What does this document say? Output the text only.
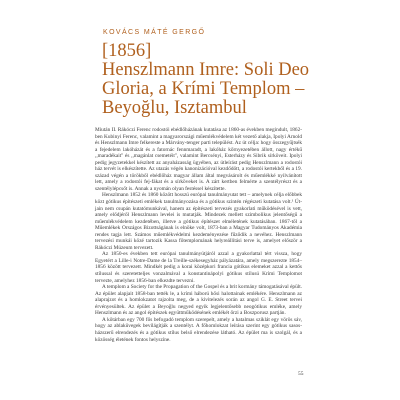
KOVÁCS MÁTÉ GERGŐ
[1856]
Henszlmann Imre: Soli Deo
Gloria, a Krími Templom –
Beyoğlu, Isztambul

Miután II. Rákóczi Ferenc rodostói ebédlőházának kutatása az 1860-as években megindult, 1862-ben Kubinyi Ferenc, valamint a magyarországi műemlékvédelem két vezető alakja, Ipolyi Arnold és Henszlmann Imre felkereste a Márvány-tenger parti települést. Az út célja: hogy összegyűjtsék a fejedelem lakóházát és a fatornác fennmaradt, a lakóház kőrnyezetében állott, nagy értékű ,,maradékait" és ,,magánlat csemetéit", valamint Bercsényi, Esterházy és Sibrik sírköveit. Ipolyi pedig jegyzetekkel készített az anyaházasság ügyében, az útleírást pedig Henszlmann a rodostói ház tervét is elkészítette. Az utazás végén kanonizációval kezdődött, a rodostói kertekből és a 19. század végén a törökből ebédlőház magyar állam által megvásárolt és műemlékké nyilvánított lett, amely a rodostói fej-fákat és a sírköveket is. A zárt kertben felmérte a szentélyrészt és a szentélylépcsőt is. Annak a nyomán olyan festéssel készítette.

Henszlmann 1852 és 1860 között hosszú európai tanulmányutat tett – amelynek célja előbbek közt gótikus építészeti emlékek tanulmányozása és a gótikus szintén régészeti kutatása volt.¹ Út-jain nem csupán kutatómunkával, hanem az építészeti tervezés gyakorlati működésével is vett, amely elődjéről Henszlmann levelei is mutatják. Mindezek mellett szimbolikus jelentőségű a műemlékvédelem kezdetében, illetve a gótikus építészet elméletének kutatásában. 1867-től a Műemlékek Országos Bizottságának is elnöke volt, 1873-ban a Magyar Tudományos Akadémia rendes tagja lett. Számos műemlékvédelmi kezdeményezése fűződik a nevéhez. Henszlmann tervezési munkái közé tartozik Kassa főtemplomának helyreállítási terve is, amelyet először a Rákóczi Múzeum tervezett.

Az 1850-es években tett európai tanulmányútjáról azzal a gyakorlattal tért vissza, hogy Egyetért a Lille-i Notre-Dame de la Treille-székesegyház pályázatára, amely megszerezte 1854–1856 között tervezett. Mindkét pedig a korai középkori francia gótikus elemeket azzal a kettős stílussal és szeretetteljes vonzalmával a konstantinápolyi gótikus stílusú Krími Templomot tervezte, amelyhez 1856-ban elkezdte tervezni.

A templom a Society for the Propagation of the Gospel és a brit kormány támogatásával épült. Az épület alapjait 1858-ban tették le, a krími háború hősi halottainak emlékére. Henszlmann az alaprajzot és a homlokzatot rajzolta meg, de a kivitelezés során az angol G. E. Street tervei érvényesültek. Az épület a Beyoğlu negyed egyik legjelentősebb neogótikus emléke, amely Henszlmann és az angol építészek együttműködésének emlékét őrzi a Boszporusz partján.

A kőtárban egy 700 fős befogadó templom szerepelt, amely a hatalmas sziklát egy vörös sáv, hogy az ablaküvegek bevilágítják a szentélyt. A főhomlokzat leírása szerint egy gótikus sasos-házszerű elrendezés és a gótikus stílus belső elrendezése látható. Az épület ma is szolgál, és a közösség életének fontos helyszíne.

55
